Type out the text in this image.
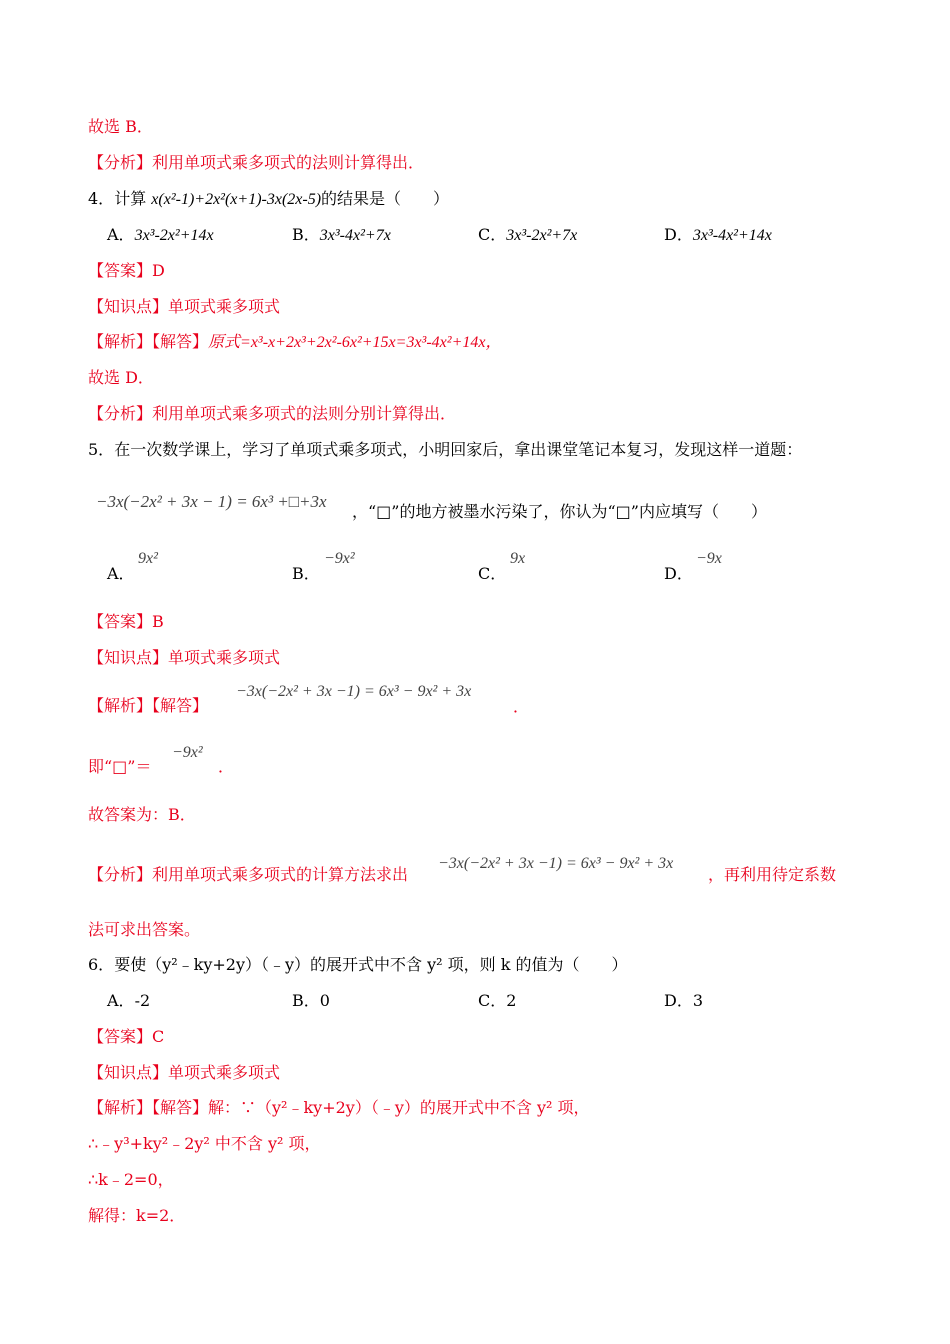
故选 B．
【分析】利用单项式乘多项式的法则计算得出．
4．计算 x(x²-1)+2x²(x+1)-3x(2x-5)的结果是（　　）
A．3x³-2x²+14x	B．3x³-4x²+7x	C．3x³-2x²+7x	D．3x³-4x²+14x
【答案】D
【知识点】单项式乘多项式
【解析】【解答】原式=x³-x+2x³+2x²-6x²+15x=3x³-4x²+14x，
故选 D．
【分析】利用单项式乘多项式的法则分别计算得出．
5．在一次数学课上，学习了单项式乘多项式，小明回家后，拿出课堂笔记本复习，发现这样一道题：
−3x(−2x² + 3x − 1) = 6x³ +□+3x
，“□”的地方被墨水污染了，你认为“□”内应填写（　　）
A．
9x²
B．
−9x²
C．
9x
D．
−9x
【答案】B
【知识点】单项式乘多项式
【解析】【解答】
−3x(−2x² + 3x −1) = 6x³ − 9x² + 3x
．
即“□”＝
−9x²
．
故答案为：B．
【分析】利用单项式乘多项式的计算方法求出
−3x(−2x² + 3x −1) = 6x³ − 9x² + 3x
，再利用待定系数
法可求出答案。
6．要使（y²﹣ky+2y）（﹣y）的展开式中不含 y² 项，则 k 的值为（　　）
A．-2	B．0	C．2	D．3
【答案】C
【知识点】单项式乘多项式
【解析】【解答】解：∵（y²﹣ky+2y）（﹣y）的展开式中不含 y² 项，
∴﹣y³+ky²﹣2y² 中不含 y² 项，
∴k﹣2=0，
解得：k=2．
